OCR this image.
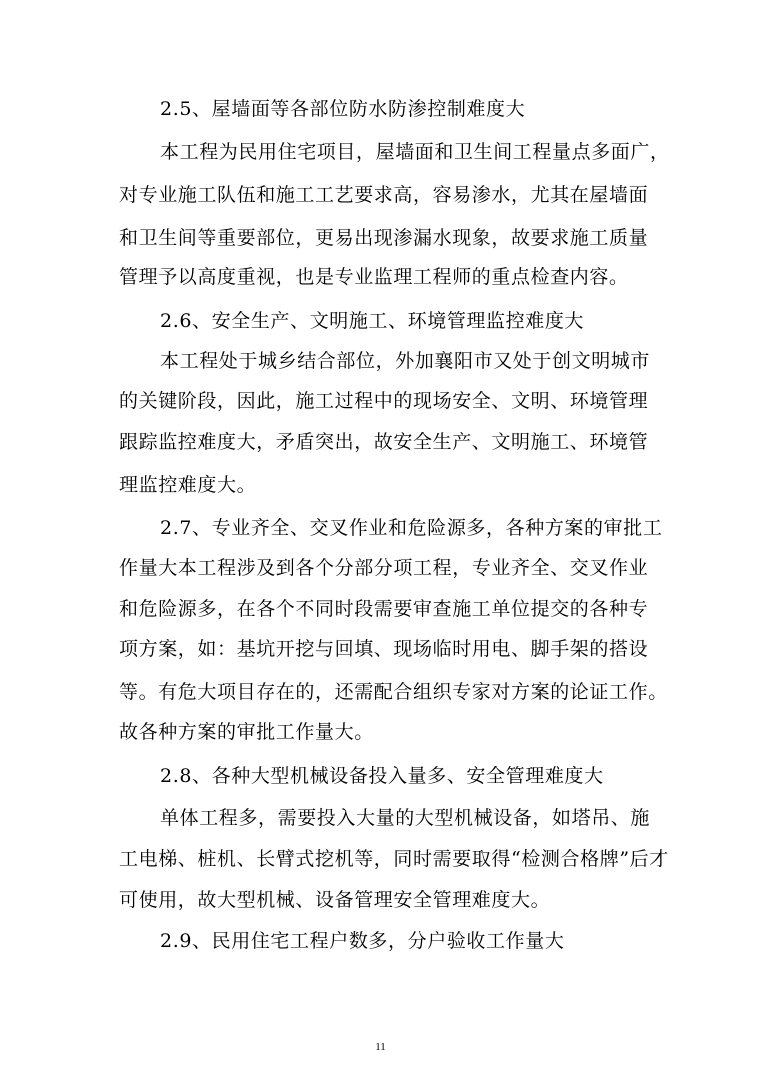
2.5、屋墙面等各部位防水防渗控制难度大
本工程为民用住宅项目，屋墙面和卫生间工程量点多面广，
对专业施工队伍和施工工艺要求高，容易渗水，尤其在屋墙面
和卫生间等重要部位，更易出现渗漏水现象，故要求施工质量
管理予以高度重视，也是专业监理工程师的重点检查内容。
2.6、安全生产、文明施工、环境管理监控难度大
本工程处于城乡结合部位，外加襄阳市又处于创文明城市
的关键阶段，因此，施工过程中的现场安全、文明、环境管理
跟踪监控难度大，矛盾突出，故安全生产、文明施工、环境管
理监控难度大。
2.7、专业齐全、交叉作业和危险源多，各种方案的审批工
作量大本工程涉及到各个分部分项工程，专业齐全、交叉作业
和危险源多，在各个不同时段需要审查施工单位提交的各种专
项方案，如：基坑开挖与回填、现场临时用电、脚手架的搭设
等。有危大项目存在的，还需配合组织专家对方案的论证工作。
故各种方案的审批工作量大。
2.8、各种大型机械设备投入量多、安全管理难度大
单体工程多，需要投入大量的大型机械设备，如塔吊、施
工电梯、桩机、长臂式挖机等，同时需要取得“检测合格牌”后才
可使用，故大型机械、设备管理安全管理难度大。
2.9、民用住宅工程户数多，分户验收工作量大
11
